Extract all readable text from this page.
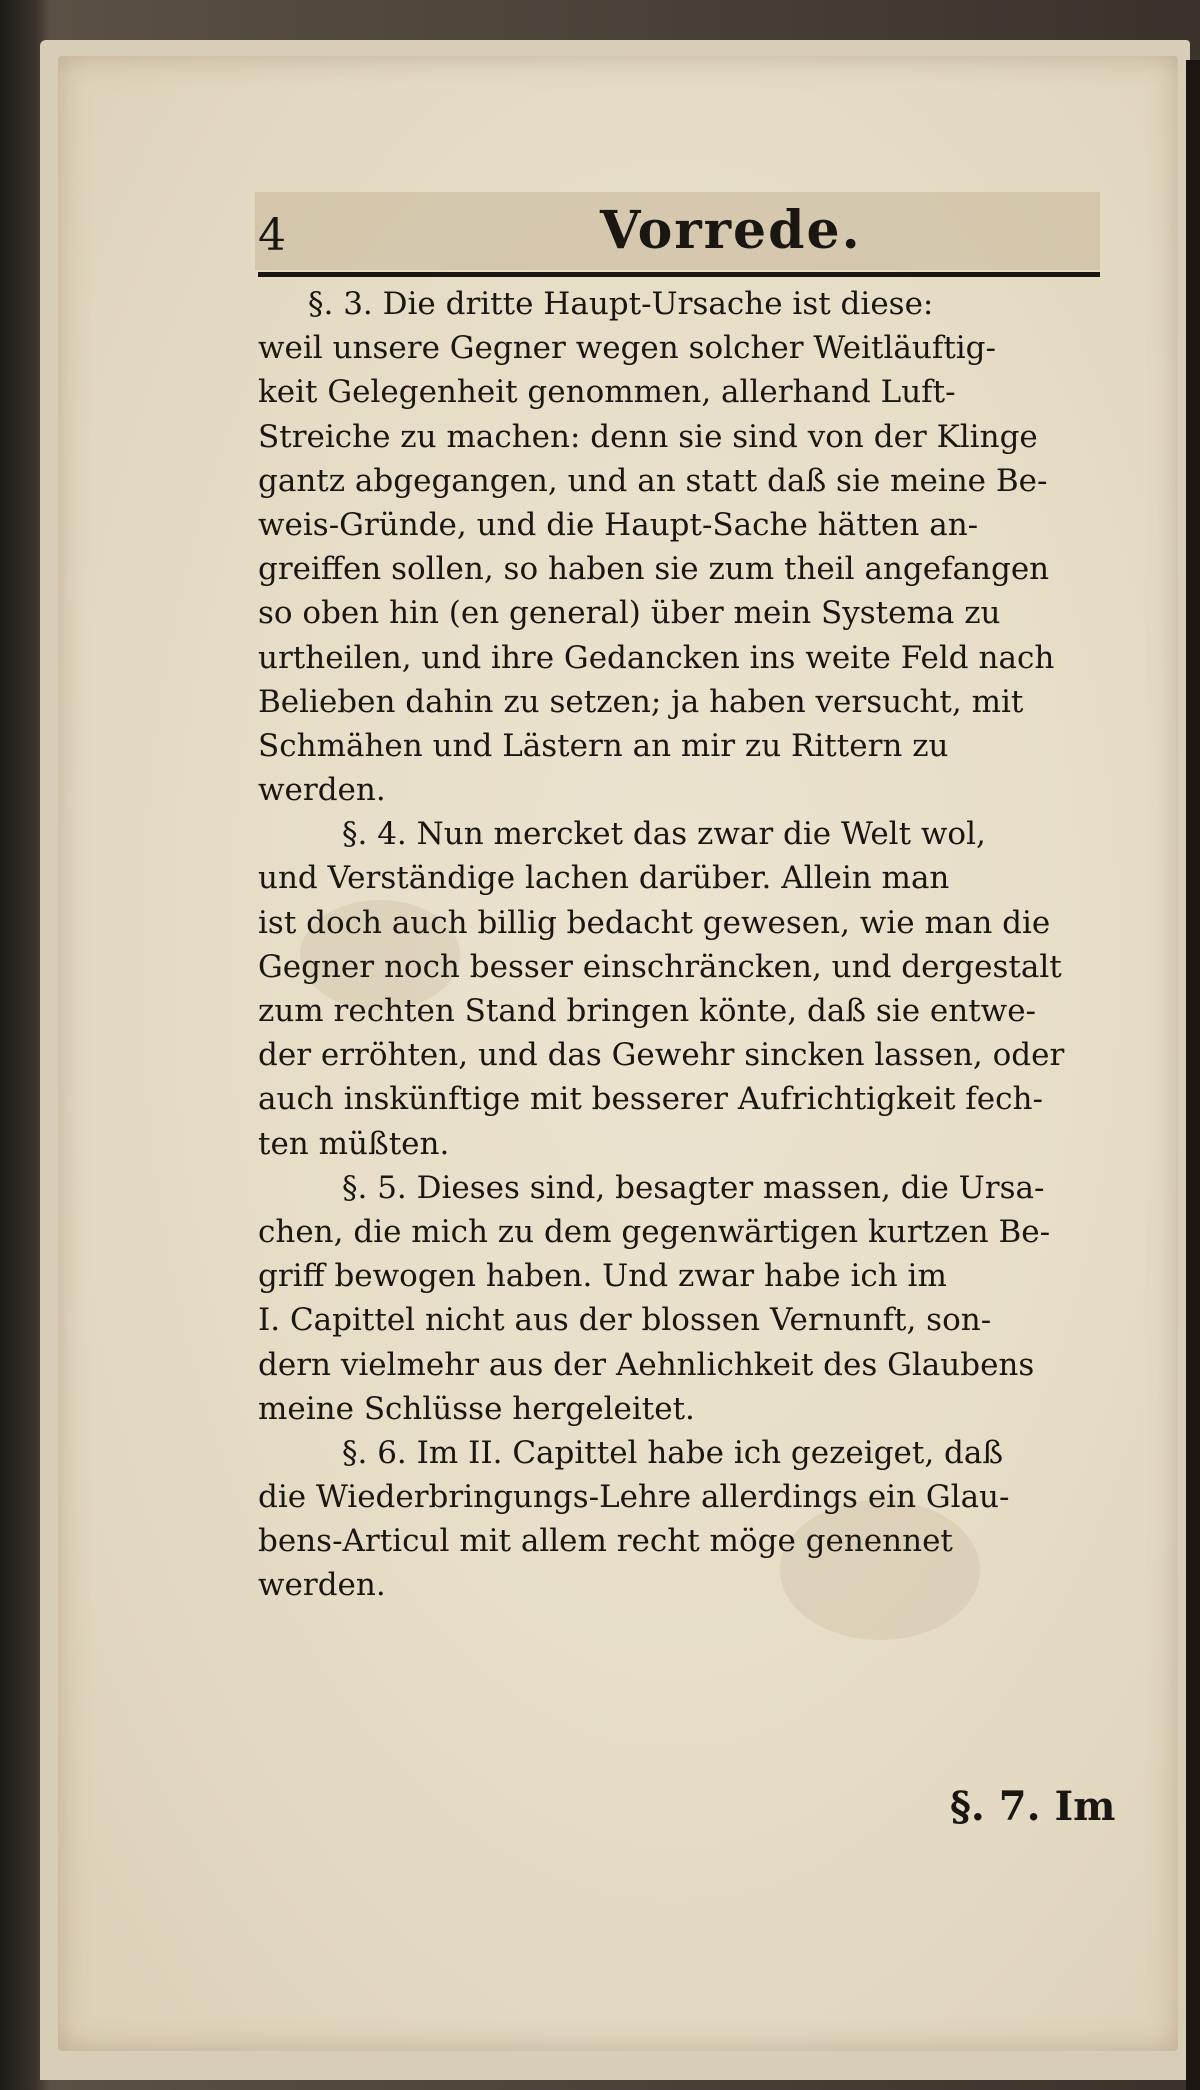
4	Vorrede.
§. 3. Die dritte Haupt-Ursache ist diese:
weil unsere Gegner wegen solcher Weitläuftig-
keit Gelegenheit genommen, allerhand Luft-
Streiche zu machen: denn sie sind von der Klinge
gantz abgegangen, und an statt daß sie meine Be-
weis-Gründe, und die Haupt-Sache hätten an-
greiffen sollen, so haben sie zum theil angefangen
so oben hin (en general) über mein Systema zu
urtheilen, und ihre Gedancken ins weite Feld nach
Belieben dahin zu setzen; ja haben versucht, mit
Schmähen und Lästern an mir zu Rittern zu
werden.
§. 4. Nun mercket das zwar die Welt wol,
und Verständige lachen darüber. Allein man
ist doch auch billig bedacht gewesen, wie man die
Gegner noch besser einschräncken, und dergestalt
zum rechten Stand bringen könte, daß sie entwe-
der erröhten, und das Gewehr sincken lassen, oder
auch inskünftige mit besserer Aufrichtigkeit fech-
ten müßten.
§. 5. Dieses sind, besagter massen, die Ursa-
chen, die mich zu dem gegenwärtigen kurtzen Be-
griff bewogen haben. Und zwar habe ich im
I. Capittel nicht aus der blossen Vernunft, son-
dern vielmehr aus der Aehnlichkeit des Glaubens
meine Schlüsse hergeleitet.
§. 6. Im II. Capittel habe ich gezeiget, daß
die Wiederbringungs-Lehre allerdings ein Glau-
bens-Articul mit allem recht möge genennet
werden.
§. 7. Im
